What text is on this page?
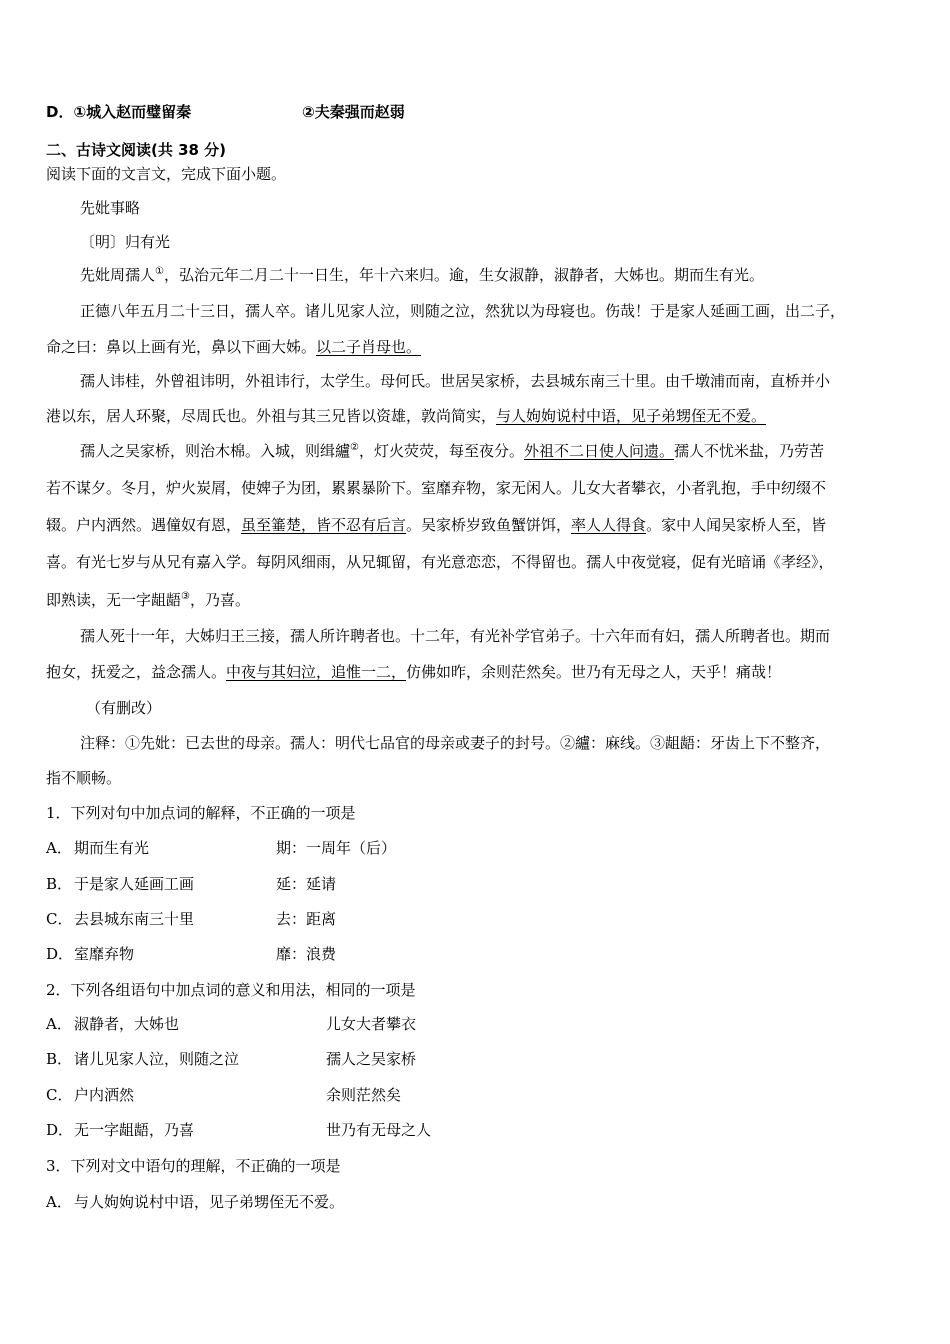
D．①城入赵而璧留秦	②夫秦强而赵弱
二、古诗文阅读(共 38 分)
阅读下面的文言文，完成下面小题。
先妣事略
〔明〕归有光
先妣周孺人①，弘治元年二月二十一日生，年十六来归。逾，生女淑静，淑静者，大姊也。期而生有光。
正德八年五月二十三日，孺人卒。诸儿见家人泣，则随之泣，然犹以为母寝也。伤哉！于是家人延画工画，出二子，
命之曰：鼻以上画有光，鼻以下画大姊。以二子肖母也。
孺人讳桂，外曾祖讳明，外祖讳行，太学生。母何氏。世居吴家桥，去县城东南三十里。由千墩浦而南，直桥并小
港以东，居人环聚，尽周氏也。外祖与其三兄皆以资雄，敦尚简实，与人姁姁说村中语，见子弟甥侄无不爱。
孺人之吴家桥，则治木棉。入城，则缉纑②，灯火荧荧，每至夜分。外祖不二日使人问遗。孺人不忧米盐，乃劳苦
若不谋夕。冬月，炉火炭屑，使婢子为团，累累暴阶下。室靡弃物，家无闲人。儿女大者攀衣，小者乳抱，手中纫缀不
辍。户内洒然。遇僮奴有恩，虽至箠楚，皆不忍有后言。吴家桥岁致鱼蟹饼饵，率人人得食。家中人闻吴家桥人至，皆
喜。有光七岁与从兄有嘉入学。每阴风细雨，从兄辄留，有光意恋恋，不得留也。孺人中夜觉寝，促有光暗诵《孝经》，
即熟读，无一字龃龉③，乃喜。
孺人死十一年，大姊归王三接，孺人所许聘者也。十二年，有光补学官弟子。十六年而有妇，孺人所聘者也。期而
抱女，抚爱之，益念孺人。中夜与其妇泣，追惟一二，仿佛如昨，余则茫然矣。世乃有无母之人，天乎！痛哉！
（有删改）
注释：①先妣：已去世的母亲。孺人：明代七品官的母亲或妻子的封号。②纑：麻线。③龃龉：牙齿上下不整齐，
指不顺畅。
1．下列对句中加点词的解释，不正确的一项是
A． 期而生有光	期：一周年（后）
B． 于是家人延画工画	延：延请
C． 去县城东南三十里	去：距离
D．室靡弃物	靡：浪费
2．下列各组语句中加点词的意义和用法，相同的一项是
A． 淑静者，大姊也	儿女大者攀衣
B． 诸儿见家人泣，则随之泣	孺人之吴家桥
C． 户内洒然	余则茫然矣
D．无一字龃龉，乃喜	世乃有无母之人
3．下列对文中语句的理解，不正确的一项是
A． 与人姁姁说村中语，见子弟甥侄无不爱。
